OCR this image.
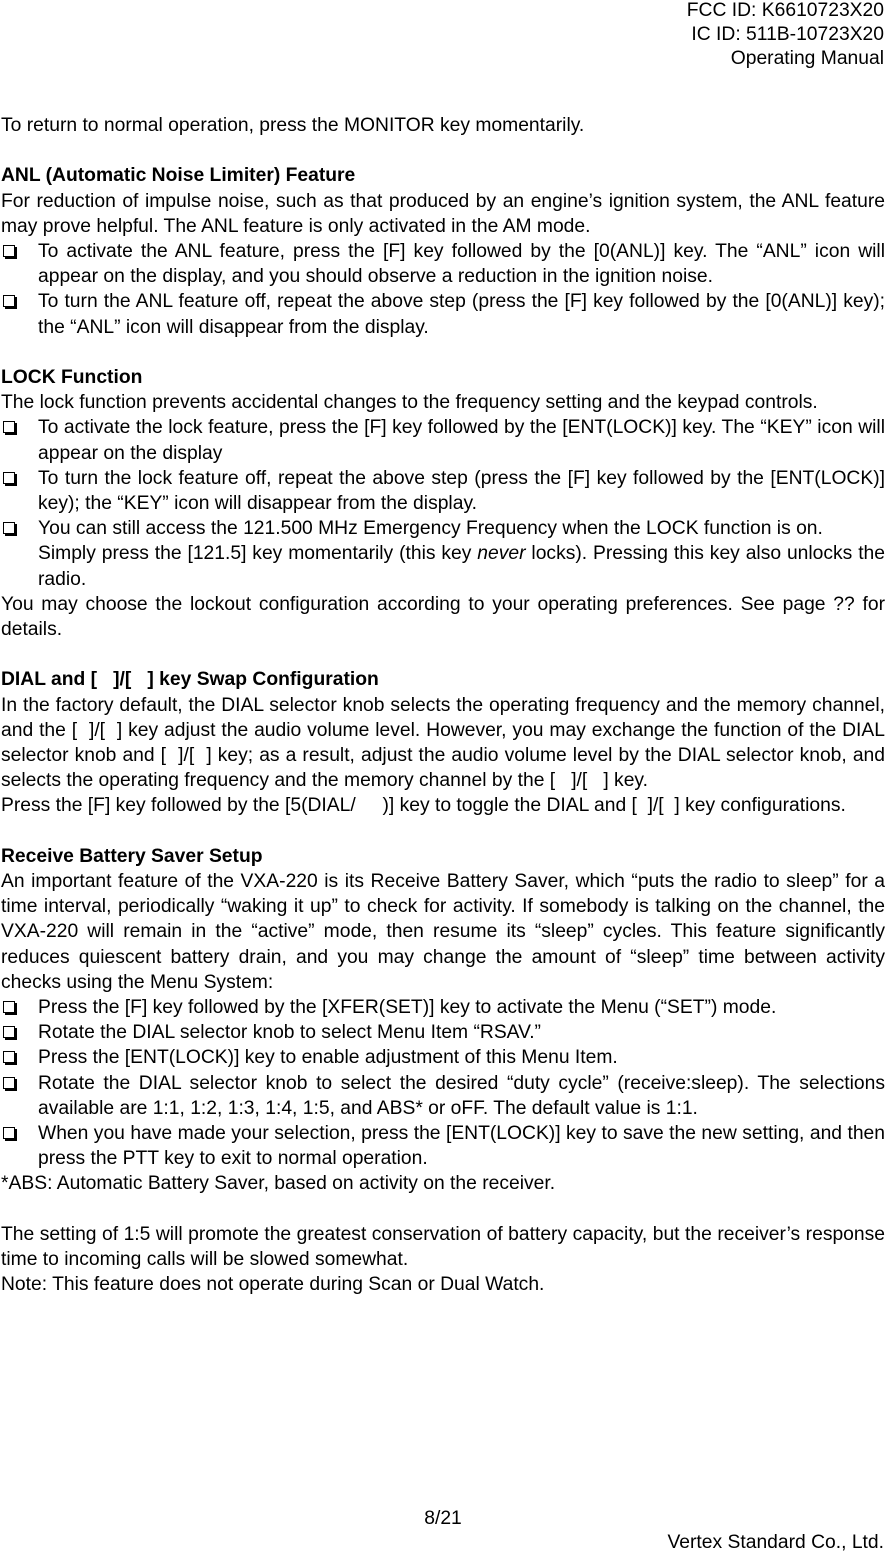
FCC ID: K6610723X20
IC ID: 511B-10723X20
Operating Manual

To return to normal operation, press the MONITOR key momentarily.

ANL (Automatic Noise Limiter) Feature

For reduction of impulse noise, such as that produced by an engine’s ignition system, the ANL feature may prove helpful. The ANL feature is only activated in the AM mode.

To activate the ANL feature, press the [F] key followed by the [0(ANL)] key. The “ANL” icon will appear on the display, and you should observe a reduction in the ignition noise.
To turn the ANL feature off, repeat the above step (press the [F] key followed by the [0(ANL)] key); the “ANL” icon will disappear from the display.
LOCK Function

The lock function prevents accidental changes to the frequency setting and the keypad controls.

To activate the lock feature, press the [F] key followed by the [ENT(LOCK)] key. The “KEY” icon will appear on the display
To turn the lock feature off, repeat the above step (press the [F] key followed by the [ENT(LOCK)] key); the “KEY” icon will disappear from the display.
You can still access the 121.500 MHz Emergency Frequency when the LOCK function is on.

Simply press the [121.5] key momentarily (this key never locks). Pressing this key also unlocks the radio.

You may choose the lockout configuration according to your operating preferences. See page ?? for details.

DIAL and [   ]/[   ] key Swap Configuration

In the factory default, the DIAL selector knob selects the operating frequency and the memory channel, and the [  ]/[  ] key adjust the audio volume level. However, you may exchange the function of the DIAL selector knob and [  ]/[  ] key; as a result, adjust the audio volume level by the DIAL selector knob, and selects the operating frequency and the memory channel by the [   ]/[   ] key.

Press the [F] key followed by the [5(DIAL/     )] key to toggle the DIAL and [  ]/[  ] key configurations.

Receive Battery Saver Setup

An important feature of the VXA-220 is its Receive Battery Saver, which “puts the radio to sleep” for a time interval, periodically “waking it up” to check for activity. If somebody is talking on the channel, the VXA-220 will remain in the “active” mode, then resume its “sleep” cycles. This feature significantly reduces quiescent battery drain, and you may change the amount of “sleep” time between activity checks using the Menu System:

Press the [F] key followed by the [XFER(SET)] key to activate the Menu (“SET”) mode.
Rotate the DIAL selector knob to select Menu Item “RSAV.”
Press the [ENT(LOCK)] key to enable adjustment of this Menu Item.
Rotate the DIAL selector knob to select the desired “duty cycle” (receive:sleep). The selections available are 1:1, 1:2, 1:3, 1:4, 1:5, and ABS* or oFF. The default value is 1:1.
When you have made your selection, press the [ENT(LOCK)] key to save the new setting, and then press the PTT key to exit to normal operation.

*ABS: Automatic Battery Saver, based on activity on the receiver.

The setting of 1:5 will promote the greatest conservation of battery capacity, but the receiver’s response time to incoming calls will be slowed somewhat.

Note: This feature does not operate during Scan or Dual Watch.

8/21
Vertex Standard Co., Ltd.
